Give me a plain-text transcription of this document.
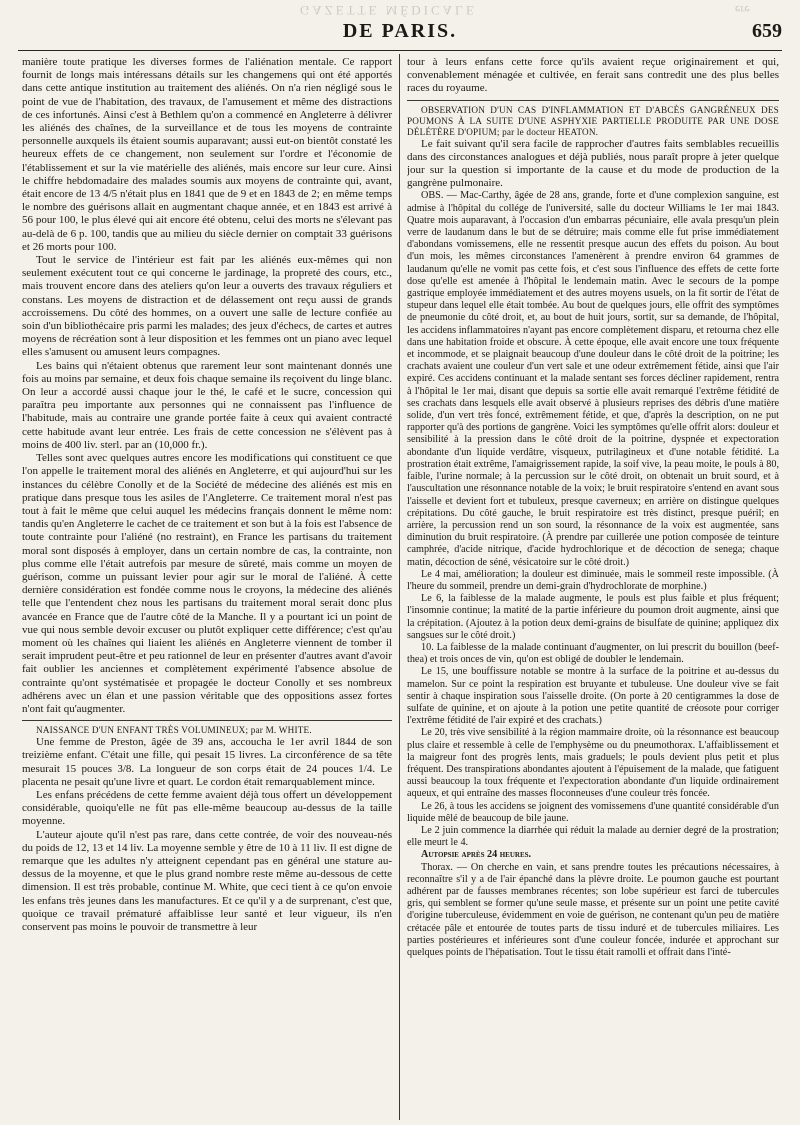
GAZETTE MÉDICALE	ere
DE PARIS.	659

manière toute pratique les diverses formes de l'aliénation mentale. Ce rapport fournit de longs mais intéressans détails sur les changemens qui ont été apportés dans cette antique institution au traitement des aliénés. On n'a rien négligé sous le point de vue de l'habitation, des travaux, de l'amusement et même des distractions de ces infortunés. Ainsi c'est à Bethlem qu'on a commencé en Angleterre à délivrer les aliénés des chaînes, de la surveillance et de tous les moyens de contrainte personnelle auxquels ils étaient soumis auparavant; aussi eut-on bientôt constaté les heureux effets de ce changement, non seulement sur l'ordre et l'économie de l'établissement et sur la vie matérielle des aliénés, mais encore sur leur cure. Ainsi le chiffre hebdomadaire des malades soumis aux moyens de contrainte qui, avant, était encore de 13 4/5 n'était plus en 1841 que de 9 et en 1843 de 2; en même temps le nombre des guérisons allait en augmentant chaque année, et en 1843 est arrivé à 56 pour 100, le plus élevé qui ait encore été obtenu, celui des morts ne s'élevant pas au-delà de 6 p. 100, tandis que au milieu du siècle dernier on comptait 33 guérisons et 26 morts pour 100.

Tout le service de l'intérieur est fait par les aliénés eux-mêmes qui non seulement exécutent tout ce qui concerne le jardinage, la propreté des cours, etc., mais trouvent encore dans des ateliers qu'on leur a ouverts des travaux réguliers et constans. Les moyens de distraction et de délassement ont reçu aussi de grands accroissemens. Du côté des hommes, on a ouvert une salle de lecture confiée au soin d'un bibliothécaire pris parmi les malades; des jeux d'échecs, de cartes et autres moyens de récréation sont à leur disposition et les femmes ont un piano avec lequel elles s'amusent ou amusent leurs compagnes.

Les bains qui n'étaient obtenus que rarement leur sont maintenant donnés une fois au moins par semaine, et deux fois chaque semaine ils reçoivent du linge blanc. On leur a accordé aussi chaque jour le thé, le café et le sucre, concession qui paraîtra peu importante aux personnes qui ne connaissent pas l'influence de l'habitude, mais au contraire une grande portée faite à ceux qui avaient contracté cette habitude avant leur entrée. Les frais de cette concession ne s'élèvent pas à moins de 400 liv. sterl. par an (10,000 fr.).

Telles sont avec quelques autres encore les modifications qui constituent ce que l'on appelle le traitement moral des aliénés en Angleterre, et qui aujourd'hui sur les instances du célèbre Conolly et de la Société de médecine des aliénés est mis en pratique dans presque tous les asiles de l'Angleterre. Ce traitement moral n'est pas tout à fait le même que celui auquel les médecins français donnent le même nom: tandis qu'en Angleterre le cachet de ce traitement et son but à la fois est l'absence de toute contrainte pour l'aliéné (no restraint), en France les partisans du traitement moral sont disposés à employer, dans un certain nombre de cas, la contrainte, non plus comme elle l'était autrefois par mesure de sûreté, mais comme un moyen de guérison, comme un puissant levier pour agir sur le moral de l'aliéné. À cette dernière considération est fondée comme nous le croyons, la médecine des aliénés telle que l'entendent chez nous les partisans du traitement moral serait donc plus avancée en France que de l'autre côté de la Manche. Il y a pourtant ici un point de vue qui nous semble devoir excuser ou plutôt expliquer cette différence; c'est qu'au moment où les chaînes qui liaient les aliénés en Angleterre viennent de tomber il serait imprudent peut-être et peu rationnel de leur en présenter d'autres avant d'avoir fait oublier les anciennes et complètement expérimenté l'absence absolue de contrainte qu'ont systématisée et propagée le docteur Conolly et ses nombreux adhérens avec un élan et une passion véritable que des oppositions assez fortes n'ont fait qu'augmenter.

NAISSANCE D'UN ENFANT TRÈS VOLUMINEUX; par M. WHITE.

Une femme de Preston, âgée de 39 ans, accoucha le 1er avril 1844 de son treizième enfant. C'était une fille, qui pesait 15 livres. La circonférence de sa tête mesurait 15 pouces 3/8. La longueur de son corps était de 24 pouces 1/4. Le placenta ne pesait qu'une livre et quart. Le cordon était remarquablement mince.

Les enfans précédens de cette femme avaient déjà tous offert un développement considérable, quoiqu'elle ne fût pas elle-même beaucoup au-dessus de la taille moyenne.

L'auteur ajoute qu'il n'est pas rare, dans cette contrée, de voir des nouveau-nés du poids de 12, 13 et 14 liv. La moyenne semble y être de 10 à 11 liv. Il est digne de remarque que les adultes n'y atteignent cependant pas en général une stature au-dessus de la moyenne, et que le plus grand nombre reste même au-dessous de cette dimension. Il est très probable, continue M. White, que ceci tient à ce qu'on envoie les enfans très jeunes dans les manufactures. Et ce qu'il y a de surprenant, c'est que, quoique ce travail prématuré affaiblisse leur santé et leur vigueur, ils n'en conservent pas moins le pouvoir de transmettre à leur

tour à leurs enfans cette force qu'ils avaient reçue originairement et qui, convenablement ménagée et cultivée, en ferait sans contredit une des plus belles races du royaume.

OBSERVATION D'UN CAS D'INFLAMMATION ET D'ABCÈS GANGRÉNEUX DES POUMONS À LA SUITE D'UNE ASPHYXIE PARTIELLE PRODUITE PAR UNE DOSE DÉLÉTÈRE D'OPIUM; par le docteur HEATON.

Le fait suivant qu'il sera facile de rapprocher d'autres faits semblables recueillis dans des circonstances analogues et déjà publiés, nous paraît propre à jeter quelque jour sur la question si importante de la cause et du mode de production de la gangrène pulmonaire.

OBS. — Mac-Carthy, âgée de 28 ans, grande, forte et d'une complexion sanguine, est admise à l'hôpital du collége de l'université, salle du docteur Williams le 1er mai 1843. Quatre mois auparavant, à l'occasion d'un embarras pécuniaire, elle avala presqu'un plein verre de laudanum dans le but de se détruire; mais comme elle fut prise immédiatement d'abondans vomissemens, elle ne ressentit presque aucun des effets du poison. Au bout d'un mois, les mêmes circonstances l'amenèrent à prendre environ 64 grammes de laudanum qu'elle ne vomit pas cette fois, et c'est sous l'influence des effets de cette forte dose qu'elle est amenée à l'hôpital le lendemain matin. Avec le secours de la pompe gastrique employée immédiatement et des autres moyens usuels, on la fit sortir de l'état de stupeur dans lequel elle était tombée. Au bout de quelques jours, elle offrit des symptômes de pneumonie du côté droit, et, au bout de huit jours, sortit, sur sa demande, de l'hôpital, les accidens inflammatoires n'ayant pas encore complètement disparu, et retourna chez elle dans une habitation froide et obscure. À cette époque, elle avait encore une toux fréquente et incommode, et se plaignait beaucoup d'une douleur dans le côté droit de la poitrine; les crachats avaient une couleur d'un vert sale et une odeur extrêmement fétide, ainsi que l'air expiré. Ces accidens continuant et la malade sentant ses forces décliner rapidement, rentra à l'hôpital le 1er mai, disant que depuis sa sortie elle avait remarqué l'extrême fétidité de ses crachats dans lesquels elle avait observé à plusieurs reprises des débris d'une matière solide, d'un vert très foncé, extrêmement fétide, et que, d'après la description, on ne put rapporter qu'à des portions de gangrène. Voici les symptômes qu'elle offrit alors: douleur et sensibilité à la pression dans le côté droit de la poitrine, dyspnée et expectoration abondante d'un liquide verdâtre, visqueux, putrilagineux et d'une notable fétidité. La prostration était extrême, l'amaigrissement rapide, la soif vive, la peau moite, le pouls à 80, faible, l'urine normale; à la percussion sur le côté droit, on obtenait un bruit sourd, et à l'auscultation une résonnance notable de la voix; le bruit respiratoire s'entend en avant sous l'aisselle et devient fort et tubuleux, presque caverneux; en arrière on distingue quelques crépitations. Du côté gauche, le bruit respiratoire est très distinct, presque puéril; en arrière, la percussion rend un son sourd, la résonnance de la voix est augmentée, sans diminution du bruit respiratoire. (À prendre par cuillerée une potion composée de teinture camphrée, d'acide nitrique, d'acide hydrochlorique et de décoction de senega; chaque matin, décoction de séné, vésicatoire sur le côté droit.)

Le 4 mai, amélioration; la douleur est diminuée, mais le sommeil reste impossible. (À l'heure du sommeil, prendre un demi-grain d'hydrochlorate de morphine.)

Le 6, la faiblesse de la malade augmente, le pouls est plus faible et plus fréquent; l'insomnie continue; la matité de la partie inférieure du poumon droit augmente, ainsi que la crépitation. (Ajoutez à la potion deux demi-grains de bisulfate de quinine; appliquez dix sangsues sur le côté droit.)

10. La faiblesse de la malade continuant d'augmenter, on lui prescrit du bouillon (beef-thea) et trois onces de vin, qu'on est obligé de doubler le lendemain.

Le 15, une bouffissure notable se montre à la surface de la poitrine et au-dessus du mamelon. Sur ce point la respiration est bruyante et tubuleuse. Une douleur vive se fait sentir à chaque inspiration sous l'aisselle droite. (On porte à 20 centigrammes la dose de sulfate de quinine, et on ajoute à la potion une petite quantité de créosote pour corriger l'extrême fétidité de l'air expiré et des crachats.)

Le 20, très vive sensibilité à la région mammaire droite, où la résonnance est beaucoup plus claire et ressemble à celle de l'emphysème ou du pneumothorax. L'affaiblissement et la maigreur font des progrès lents, mais graduels; le pouls devient plus petit et plus fréquent. Des transpirations abondantes ajoutent à l'épuisement de la malade, que fatiguent aussi beaucoup la toux fréquente et l'expectoration abondante d'un liquide ordinairement aqueux, et qui entraîne des masses floconneuses d'une couleur très foncée.

Le 26, à tous les accidens se joignent des vomissemens d'une quantité considérable d'un liquide mêlé de beaucoup de bile jaune.

Le 2 juin commence la diarrhée qui réduit la malade au dernier degré de la prostration; elle meurt le 4.

Autopsie après 24 heures.

Thorax. — On cherche en vain, et sans prendre toutes les précautions nécessaires, à reconnaître s'il y a de l'air épanché dans la plèvre droite. Le poumon gauche est pourtant adhérent par de fausses membranes récentes; son lobe supérieur est farci de tubercules gris, qui semblent se former qu'une seule masse, et présente sur un point une petite cavité d'origine tuberculeuse, évidemment en voie de guérison, ne contenant qu'un peu de matière crétacée pâle et entourée de toutes parts de tissu induré et de tubercules miliaires. Les parties postérieures et inférieures sont d'une couleur foncée, indurée et approchant sur quelques points de l'hépatisation. Tout le tissu était ramolli et offrait dans l'inté-
